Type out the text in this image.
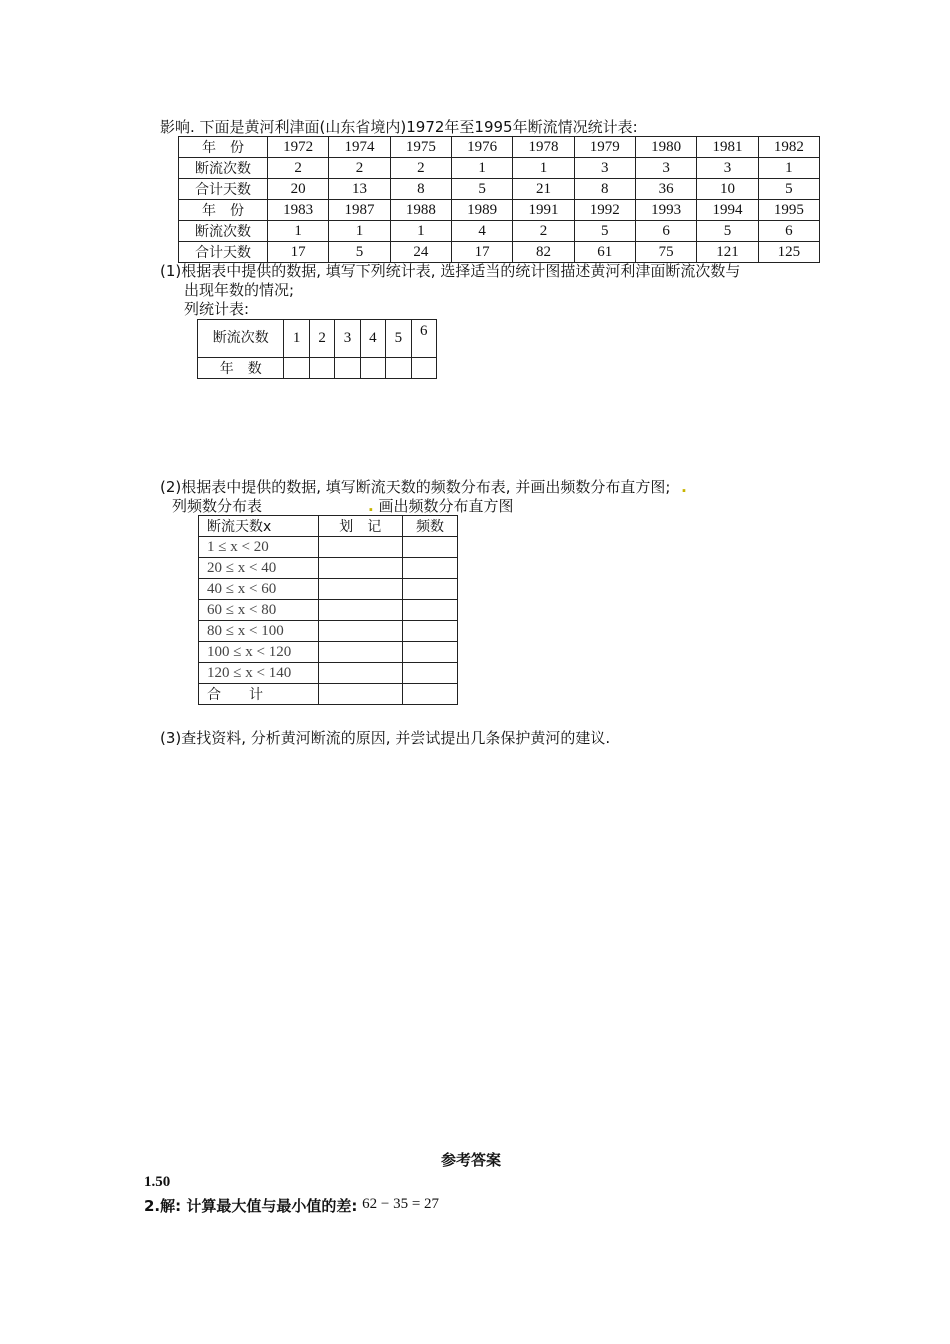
影响. 下面是黄河利津面(山东省境内)1972年至1995年断流情况统计表:
年　份	1972	1974	1975	1976	1978	1979	1980	1981	1982
断流次数	2	2	2	1	1	3	3	3	1
合计天数	20	13	8	5	21	8	36	10	5
年　份	1983	1987	1988	1989	1991	1992	1993	1994	1995
断流次数	1	1	1	4	2	5	6	5	6
合计天数	17	5	24	17	82	61	75	121	125
(1)根据表中提供的数据, 填写下列统计表, 选择适当的统计图描述黄河利津面断流次数与
出现年数的情况;
列统计表:
断流次数	1	2	3	4	5	6
年　数						
(2)根据表中提供的数据, 填写断流天数的频数分布表, 并画出频数分布直方图; .
列频数分布表	. 画出频数分布直方图
断流天数x	划　记	频数
1 ≤ x < 20		
20 ≤ x < 40		
40 ≤ x < 60		
60 ≤ x < 80		
80 ≤ x < 100		
100 ≤ x < 120		
120 ≤ x < 140		
合　　计		
(3)查找资料, 分析黄河断流的原因, 并尝试提出几条保护黄河的建议.
参考答案
1.50
2.解: 计算最大值与最小值的差: 62 − 35 = 27
